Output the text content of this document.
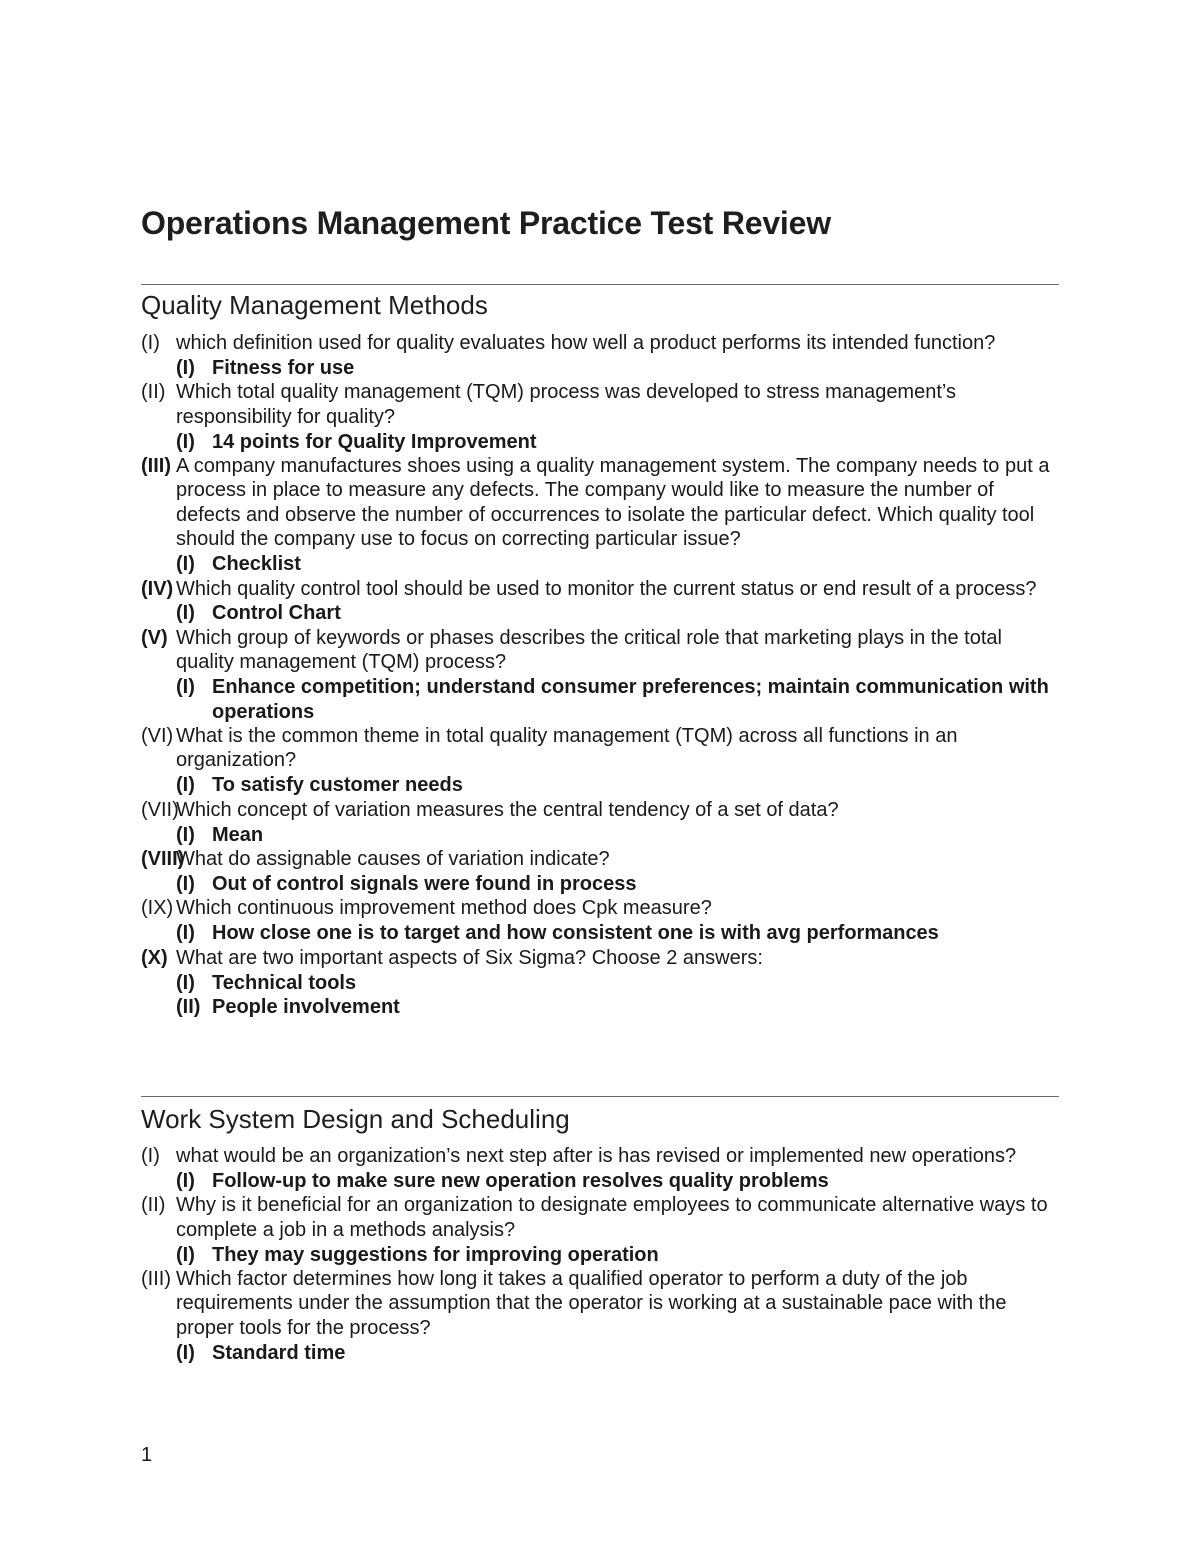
Operations Management Practice Test Review
Quality Management Methods
(I) which definition used for quality evaluates how well a product performs its intended function?
(I) Fitness for use
(II) Which total quality management (TQM) process was developed to stress management’s responsibility for quality?
(I) 14 points for Quality Improvement
(III) A company manufactures shoes using a quality management system. The company needs to put a process in place to measure any defects. The company would like to measure the number of defects and observe the number of occurrences to isolate the particular defect. Which quality tool should the company use to focus on correcting particular issue?
(I) Checklist
(IV) Which quality control tool should be used to monitor the current status or end result of a process?
(I) Control Chart
(V) Which group of keywords or phases describes the critical role that marketing plays in the total quality management (TQM) process?
(I) Enhance competition; understand consumer preferences; maintain communication with operations
(VI) What is the common theme in total quality management (TQM) across all functions in an organization?
(I) To satisfy customer needs
(VII)
Which concept of variation measures the central tendency of a set of data?
(I) Mean
(VIII)
What do assignable causes of variation indicate?
(I) Out of control signals were found in process
(IX) Which continuous improvement method does Cpk measure?
(I) How close one is to target and how consistent one is with avg performances
(X) What are two important aspects of Six Sigma? Choose 2 answers:
(I) Technical tools
(II) People involvement
Work System Design and Scheduling
(I) what would be an organization’s next step after is has revised or implemented new operations?
(I) Follow-up to make sure new operation resolves quality problems
(II) Why is it beneficial for an organization to designate employees to communicate alternative ways to complete a job in a methods analysis?
(I) They may suggestions for improving operation
(III) Which factor determines how long it takes a qualified operator to perform a duty of the job requirements under the assumption that the operator is working at a sustainable pace with the proper tools for the process?
(I) Standard time

1
